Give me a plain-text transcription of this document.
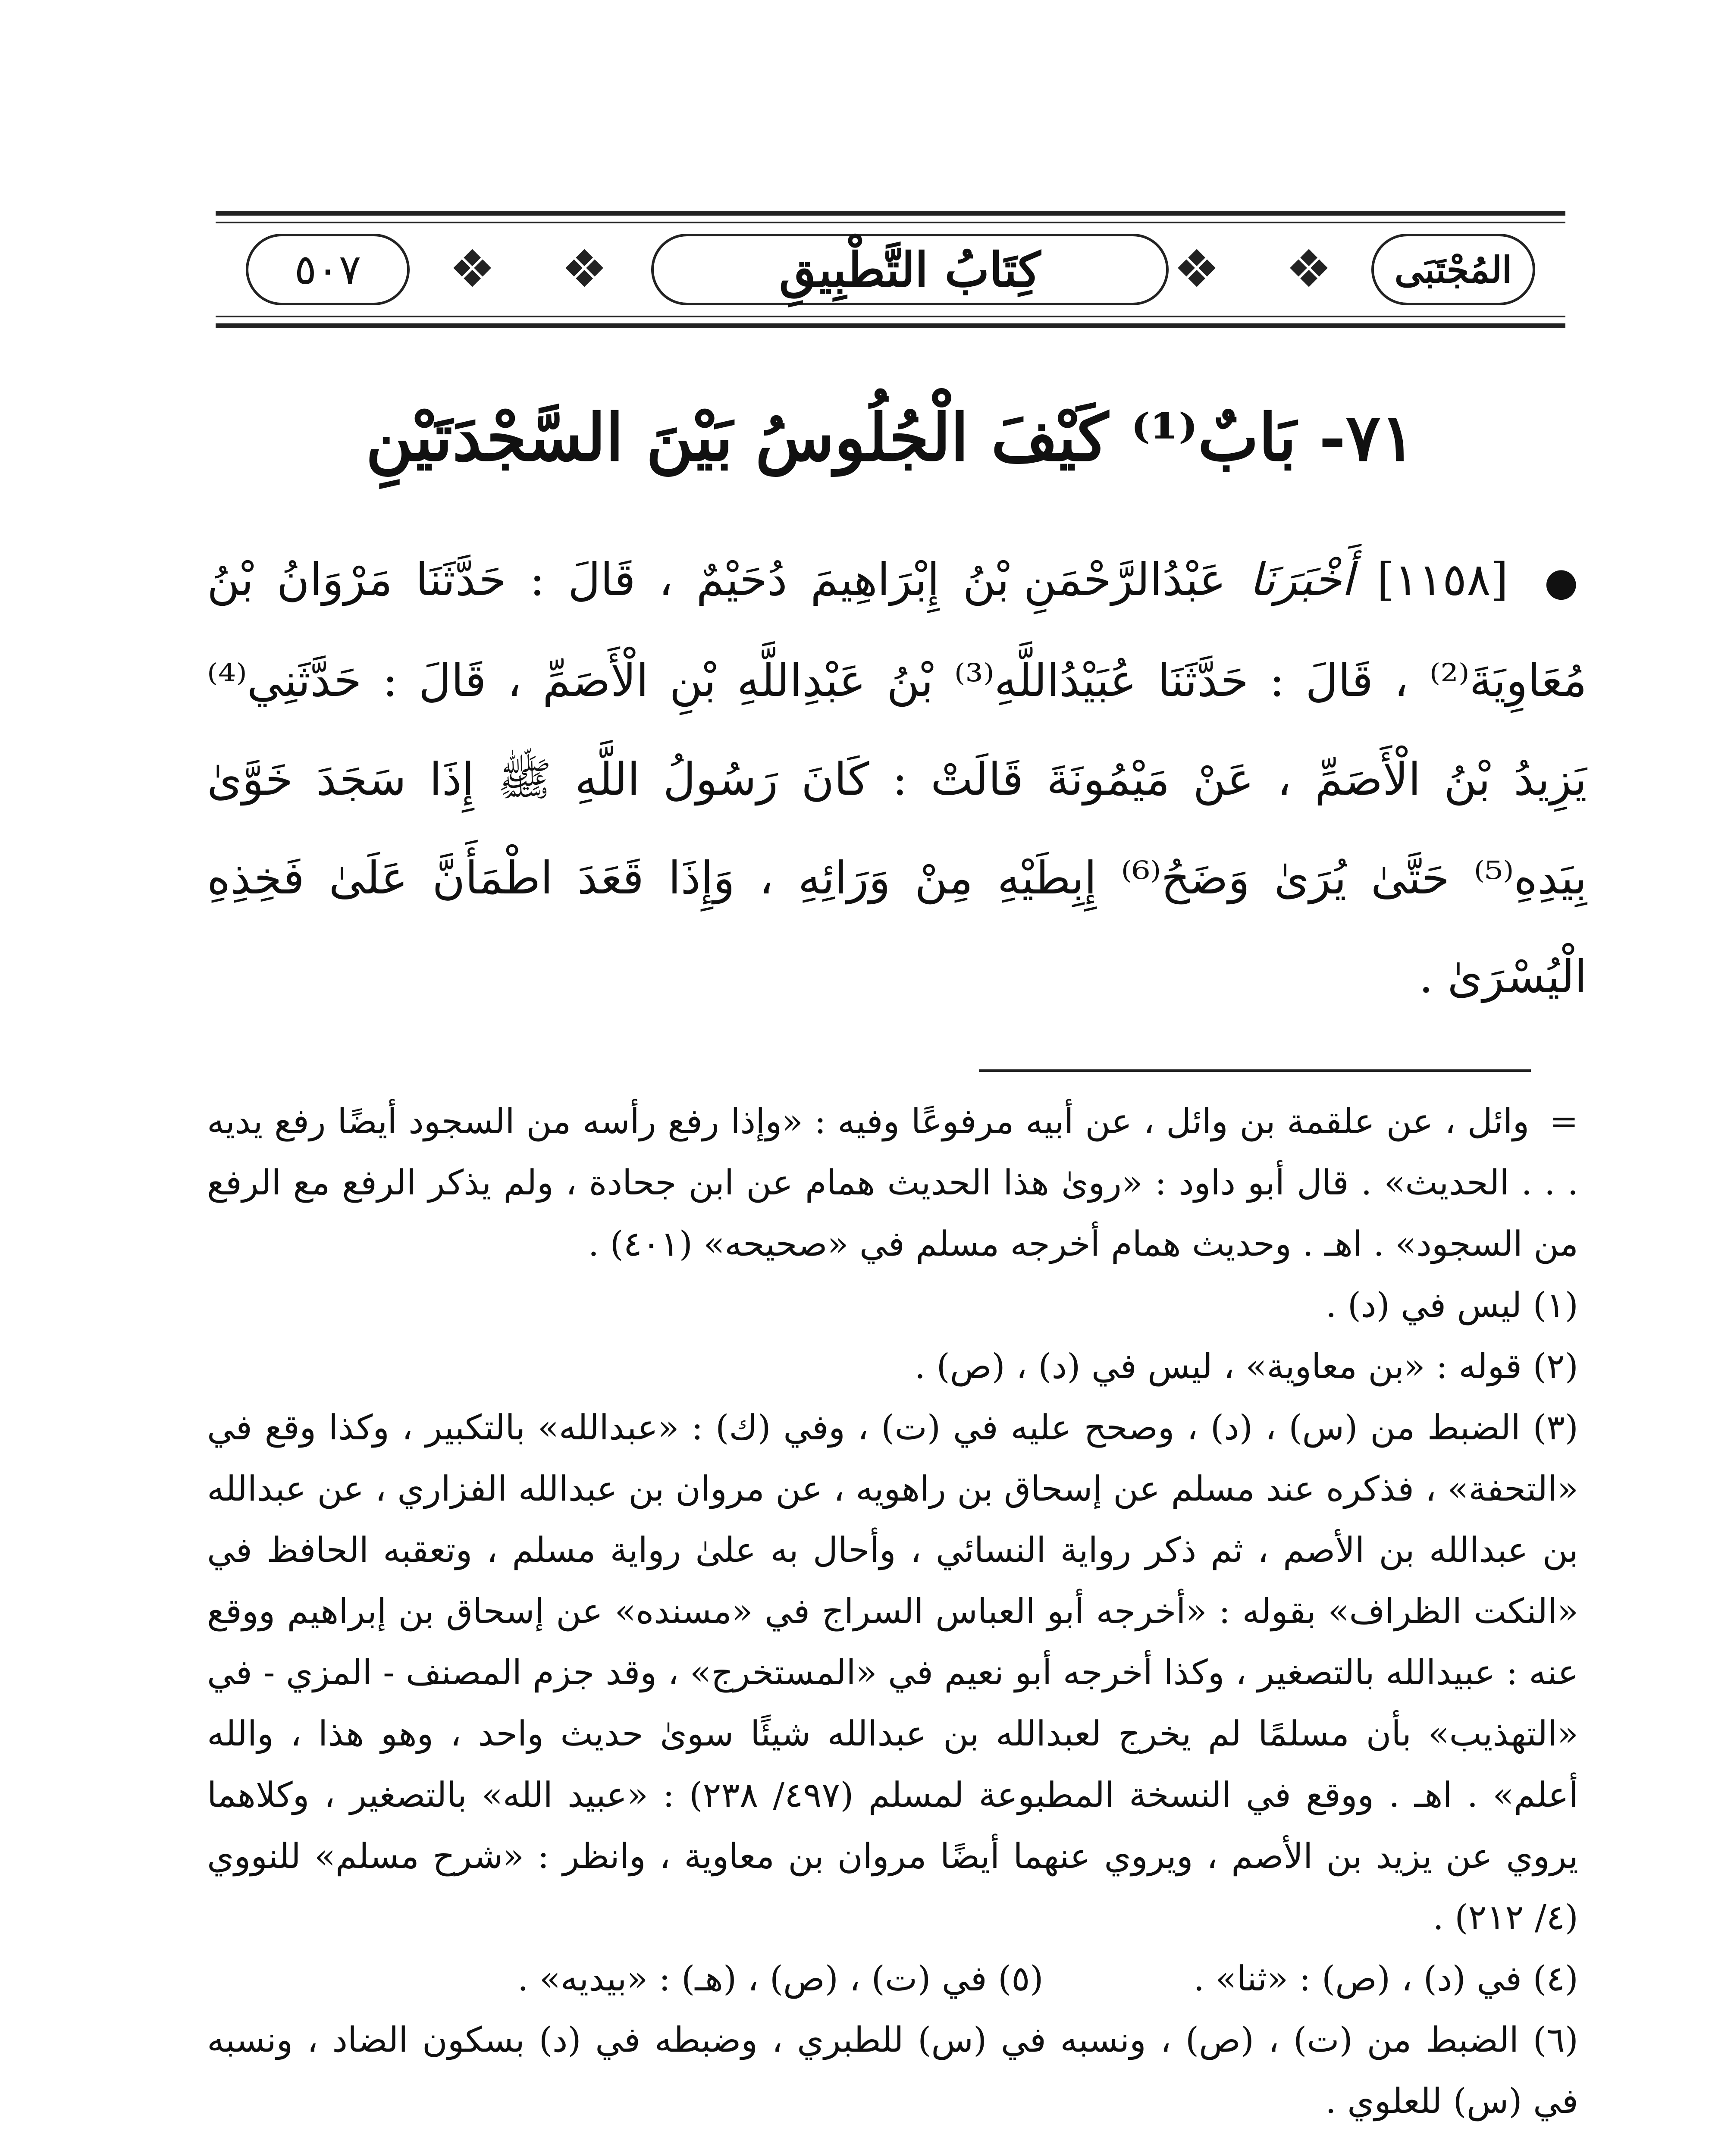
٥٠٧	❖ ❖	كِتَابُ التَّطْبِيقِ	❖ ❖	المُجْتَبَى
٧١- بَابٌ⁽¹⁾ كَيْفَ الْجُلُوسُ بَيْنَ السَّجْدَتَيْنِ
● [١١٥٨] أَخْبَرَنَا عَبْدُالرَّحْمَنِ بْنُ إِبْرَاهِيمَ دُحَيْمٌ ، قَالَ : حَدَّثَنَا مَرْوَانُ بْنُ مُعَاوِيَةَ⁽²⁾ ، قَالَ : حَدَّثَنَا عُبَيْدُاللَّهِ⁽³⁾ بْنُ عَبْدِاللَّهِ بْنِ الْأَصَمِّ ، قَالَ : حَدَّثَنِي⁽⁴⁾ يَزِيدُ بْنُ الْأَصَمِّ ، عَنْ مَيْمُونَةَ قَالَتْ : كَانَ رَسُولُ اللَّهِ ﷺ إِذَا سَجَدَ خَوَّىٰ بِيَدِهِ⁽⁵⁾ حَتَّىٰ يُرَىٰ وَضَحُ⁽⁶⁾ إِبِطَيْهِ مِنْ وَرَائِهِ ، وَإِذَا قَعَدَ اطْمَأَنَّ عَلَىٰ فَخِذِهِ الْيُسْرَىٰ .

= وائل ، عن علقمة بن وائل ، عن أبيه مرفوعًا وفيه : «وإذا رفع رأسه من السجود أيضًا رفع يديه . . . الحديث» . قال أبو داود : «روىٰ هذا الحديث همام عن ابن جحادة ، ولم يذكر الرفع مع الرفع من السجود» . اهـ . وحديث همام أخرجه مسلم في «صحيحه» (٤٠١) .

(١) ليس في (د) .

(٢) قوله : «بن معاوية» ، ليس في (د) ، (ص) .

(٣) الضبط من (س) ، (د) ، وصحح عليه في (ت) ، وفي (ك) : «عبدالله» بالتكبير ، وكذا وقع في «التحفة» ، فذكره عند مسلم عن إسحاق بن راهويه ، عن مروان بن عبدالله الفزاري ، عن عبدالله بن عبدالله بن الأصم ، ثم ذكر رواية النسائي ، وأحال به علىٰ رواية مسلم ، وتعقبه الحافظ في «النكت الظراف» بقوله : «أخرجه أبو العباس السراج في «مسنده» عن إسحاق بن إبراهيم ووقع عنه : عبيدالله بالتصغير ، وكذا أخرجه أبو نعيم في «المستخرج» ، وقد جزم المصنف - المزي - في «التهذيب» بأن مسلمًا لم يخرج لعبدالله بن عبدالله شيئًا سوىٰ حديث واحد ، وهو هذا ، والله أعلم» . اهـ . ووقع في النسخة المطبوعة لمسلم (٤٩٧/ ٢٣٨) : «عبيد الله» بالتصغير ، وكلاهما يروي عن يزيد بن الأصم ، ويروي عنهما أيضًا مروان بن معاوية ، وانظر : «شرح مسلم» للنووي (٤/ ٢١٢) .

(٤) في (د) ، (ص) : «ثنا» .

(٥) في (ت) ، (ص) ، (هـ) : «بيديه» .

(٦) الضبط من (ت) ، (ص) ، ونسبه في (س) للطبري ، وضبطه في (د) بسكون الضاد ، ونسبه في (س) للعلوي .
